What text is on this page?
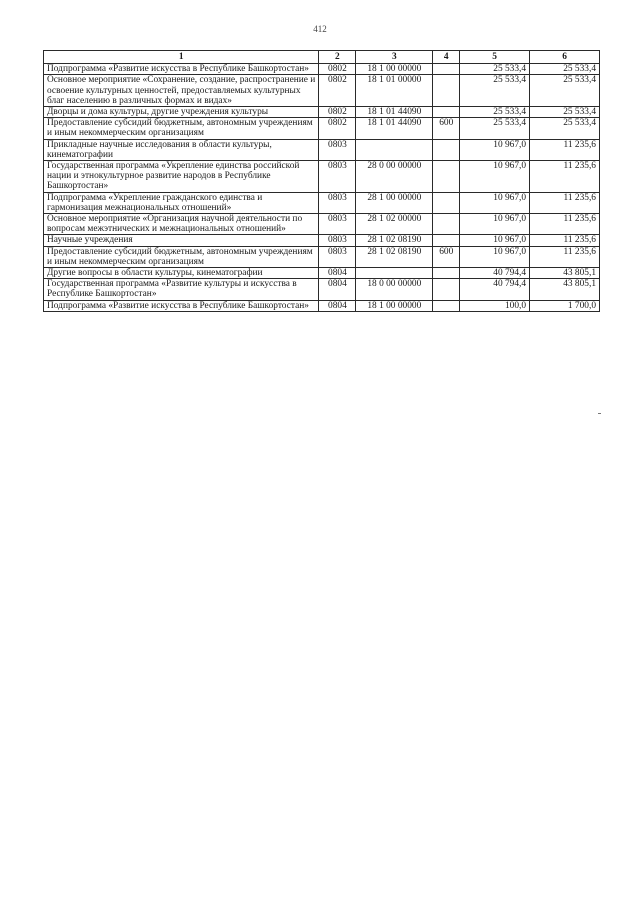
412
1	2	3	4	5	6
Подпрограмма «Развитие искусства в Республике Башкортостан»	0802	18 1 00 00000		25 533,4	25 533,4
Основное мероприятие «Сохранение, создание, распространение и освоение культурных ценностей, предоставляемых культурных благ населению в различных формах и видах»	0802	18 1 01 00000		25 533,4	25 533,4
Дворцы и дома культуры, другие учреждения культуры	0802	18 1 01 44090		25 533,4	25 533,4
Предоставление субсидий бюджетным, автономным учреждениям и иным некоммерческим организациям	0802	18 1 01 44090	600	25 533,4	25 533,4
Прикладные научные исследования в области культуры, кинематографии	0803			10 967,0	11 235,6
Государственная программа «Укрепление единства российской нации и этнокультурное развитие народов в Республике Башкортостан»	0803	28 0 00 00000		10 967,0	11 235,6
Подпрограмма «Укрепление гражданского единства и гармонизация межнациональных отношений»	0803	28 1 00 00000		10 967,0	11 235,6
Основное мероприятие «Организация научной деятельности по вопросам межэтнических и межнациональных отношений»	0803	28 1 02 00000		10 967,0	11 235,6
Научные учреждения	0803	28 1 02 08190		10 967,0	11 235,6
Предоставление субсидий бюджетным, автономным учреждениям и иным некоммерческим организациям	0803	28 1 02 08190	600	10 967,0	11 235,6
Другие вопросы в области культуры, кинематографии	0804			40 794,4	43 805,1
Государственная программа «Развитие культуры и искусства в Республике Башкортостан»	0804	18 0 00 00000		40 794,4	43 805,1
Подпрограмма «Развитие искусства в Республике Башкортостан»	0804	18 1 00 00000		100,0	1 700,0
